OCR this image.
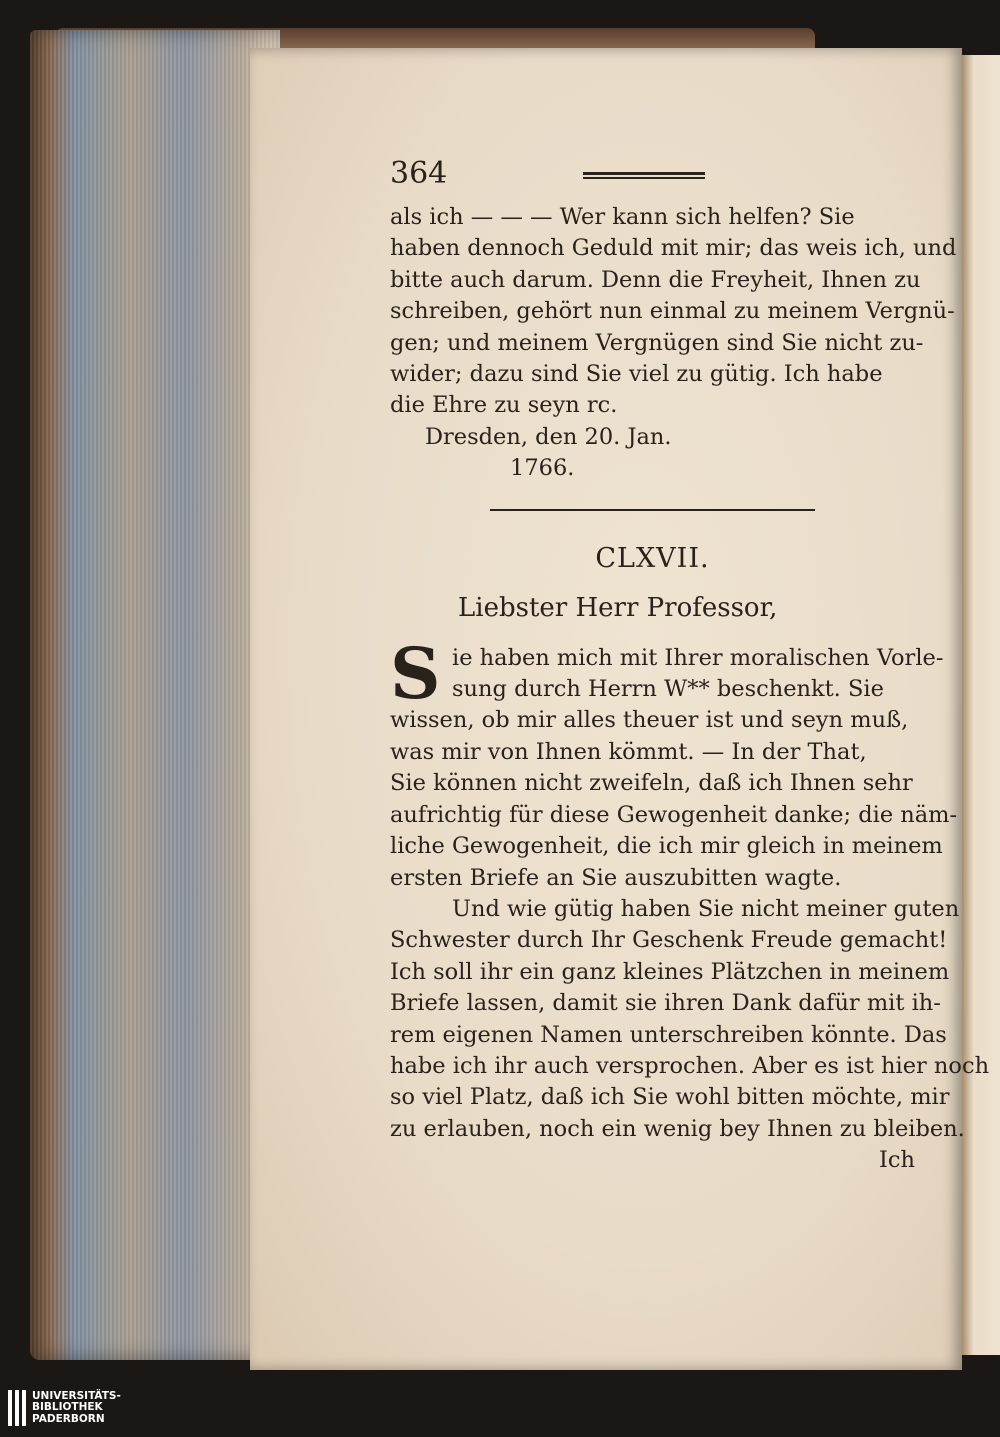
364
als ich — — — Wer kann sich helfen? Sie
haben dennoch Geduld mit mir; das weis ich, und
bitte auch darum. Denn die Freyheit, Ihnen zu
schreiben, gehört nun einmal zu meinem Vergnü-
gen; und meinem Vergnügen sind Sie nicht zu-
wider; dazu sind Sie viel zu gütig. Ich habe
die Ehre zu seyn rc.
Dresden, den 20. Jan.
1766.
CLXVII.
Liebster Herr Professor,
S ie haben mich mit Ihrer moralischen Vorle-
sung durch Herrn W** beschenkt. Sie
wissen, ob mir alles theuer ist und seyn muß,
was mir von Ihnen kömmt. — In der That,
Sie können nicht zweifeln, daß ich Ihnen sehr
aufrichtig für diese Gewogenheit danke; die näm-
liche Gewogenheit, die ich mir gleich in meinem
ersten Briefe an Sie auszubitten wagte.
Und wie gütig haben Sie nicht meiner guten
Schwester durch Ihr Geschenk Freude gemacht!
Ich soll ihr ein ganz kleines Plätzchen in meinem
Briefe lassen, damit sie ihren Dank dafür mit ih-
rem eigenen Namen unterschreiben könnte. Das
habe ich ihr auch versprochen. Aber es ist hier noch
so viel Platz, daß ich Sie wohl bitten möchte, mir
zu erlauben, noch ein wenig bey Ihnen zu bleiben.
Ich
UNIVERSITÄTS-
BIBLIOTHEK
PADERBORN
